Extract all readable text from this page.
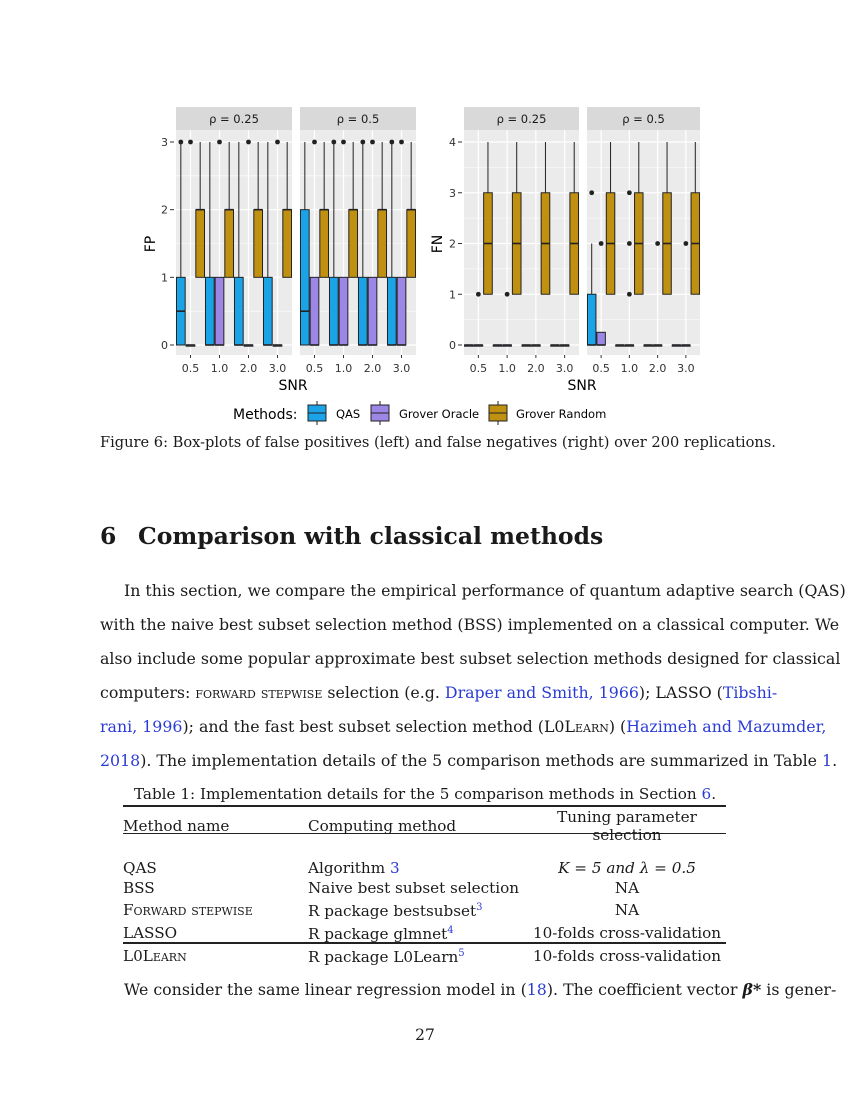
0
1
2
3
ρ = 0.25
0.5 1.0 2.0 3.0
ρ = 0.5
0.5 1.0 2.0 3.0
0
1
2
3
4
ρ = 0.25
0.5 1.0 2.0 3.0
ρ = 0.5
0.5 1.0 2.0 3.0
FP	FN
SNR	SNR
Methods:	QAS	Grover Oracle	Grover Random
Figure 6: Box-plots of false positives (left) and false negatives (right) over 200 replications.
6 Comparison with classical methods

In this section, we compare the empirical performance of quantum adaptive search (QAS)

with the naive best subset selection method (BSS) implemented on a classical computer. We

also include some popular approximate best subset selection methods designed for classical

computers: forward stepwise selection (e.g. Draper and Smith, 1966); LASSO (Tibshi-

rani, 1996); and the fast best subset selection method (L0Learn) (Hazimeh and Mazumder,

2018). The implementation details of the 5 comparison methods are summarized in Table 1.

Table 1: Implementation details for the 5 comparison methods in Section 6.
Method name	Computing method	Tuning parameter selection

QAS	Algorithm 3	K = 5 and λ = 0.5
BSS	Naive best subset selection	NA
Forward stepwise	R package bestsubset$^3$	NA
LASSO	R package glmnet$^4$	10-folds cross-validation
L0Learn	R package L0Learn$^5$	10-folds cross-validation

We consider the same linear regression model in (18). The coefficient vector β* is gener-

27
